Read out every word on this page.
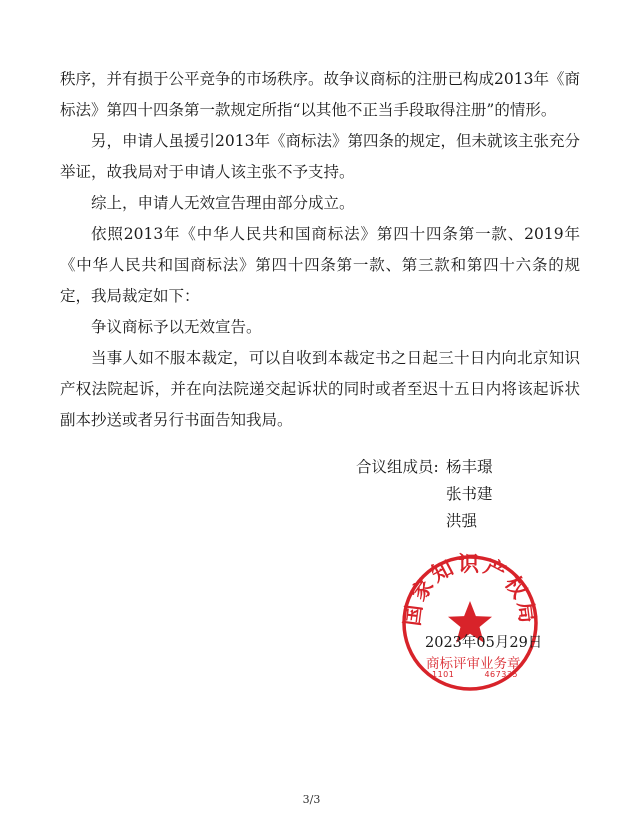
秩序，并有损于公平竞争的市场秩序。故争议商标的注册已构成2013年《商标法》第四十四条第一款规定所指“以其他不正当手段取得注册”的情形。

另，申请人虽援引2013年《商标法》第四条的规定，但未就该主张充分举证，故我局对于申请人该主张不予支持。

综上，申请人无效宣告理由部分成立。

依照2013年《中华人民共和国商标法》第四十四条第一款、2019年《中华人民共和国商标法》第四十四条第一款、第三款和第四十六条的规定，我局裁定如下：

争议商标予以无效宣告。

当事人如不服本裁定，可以自收到本裁定书之日起三十日内向北京知识产权法院起诉，并在向法院递交起诉状的同时或者至迟十五日内将该起诉状副本抄送或者另行书面告知我局。

合议组成员: 杨丰璟
张书建
洪强
国家知识产权局
2023年05月29日
商标评审业务章
1101	467335
3/3
